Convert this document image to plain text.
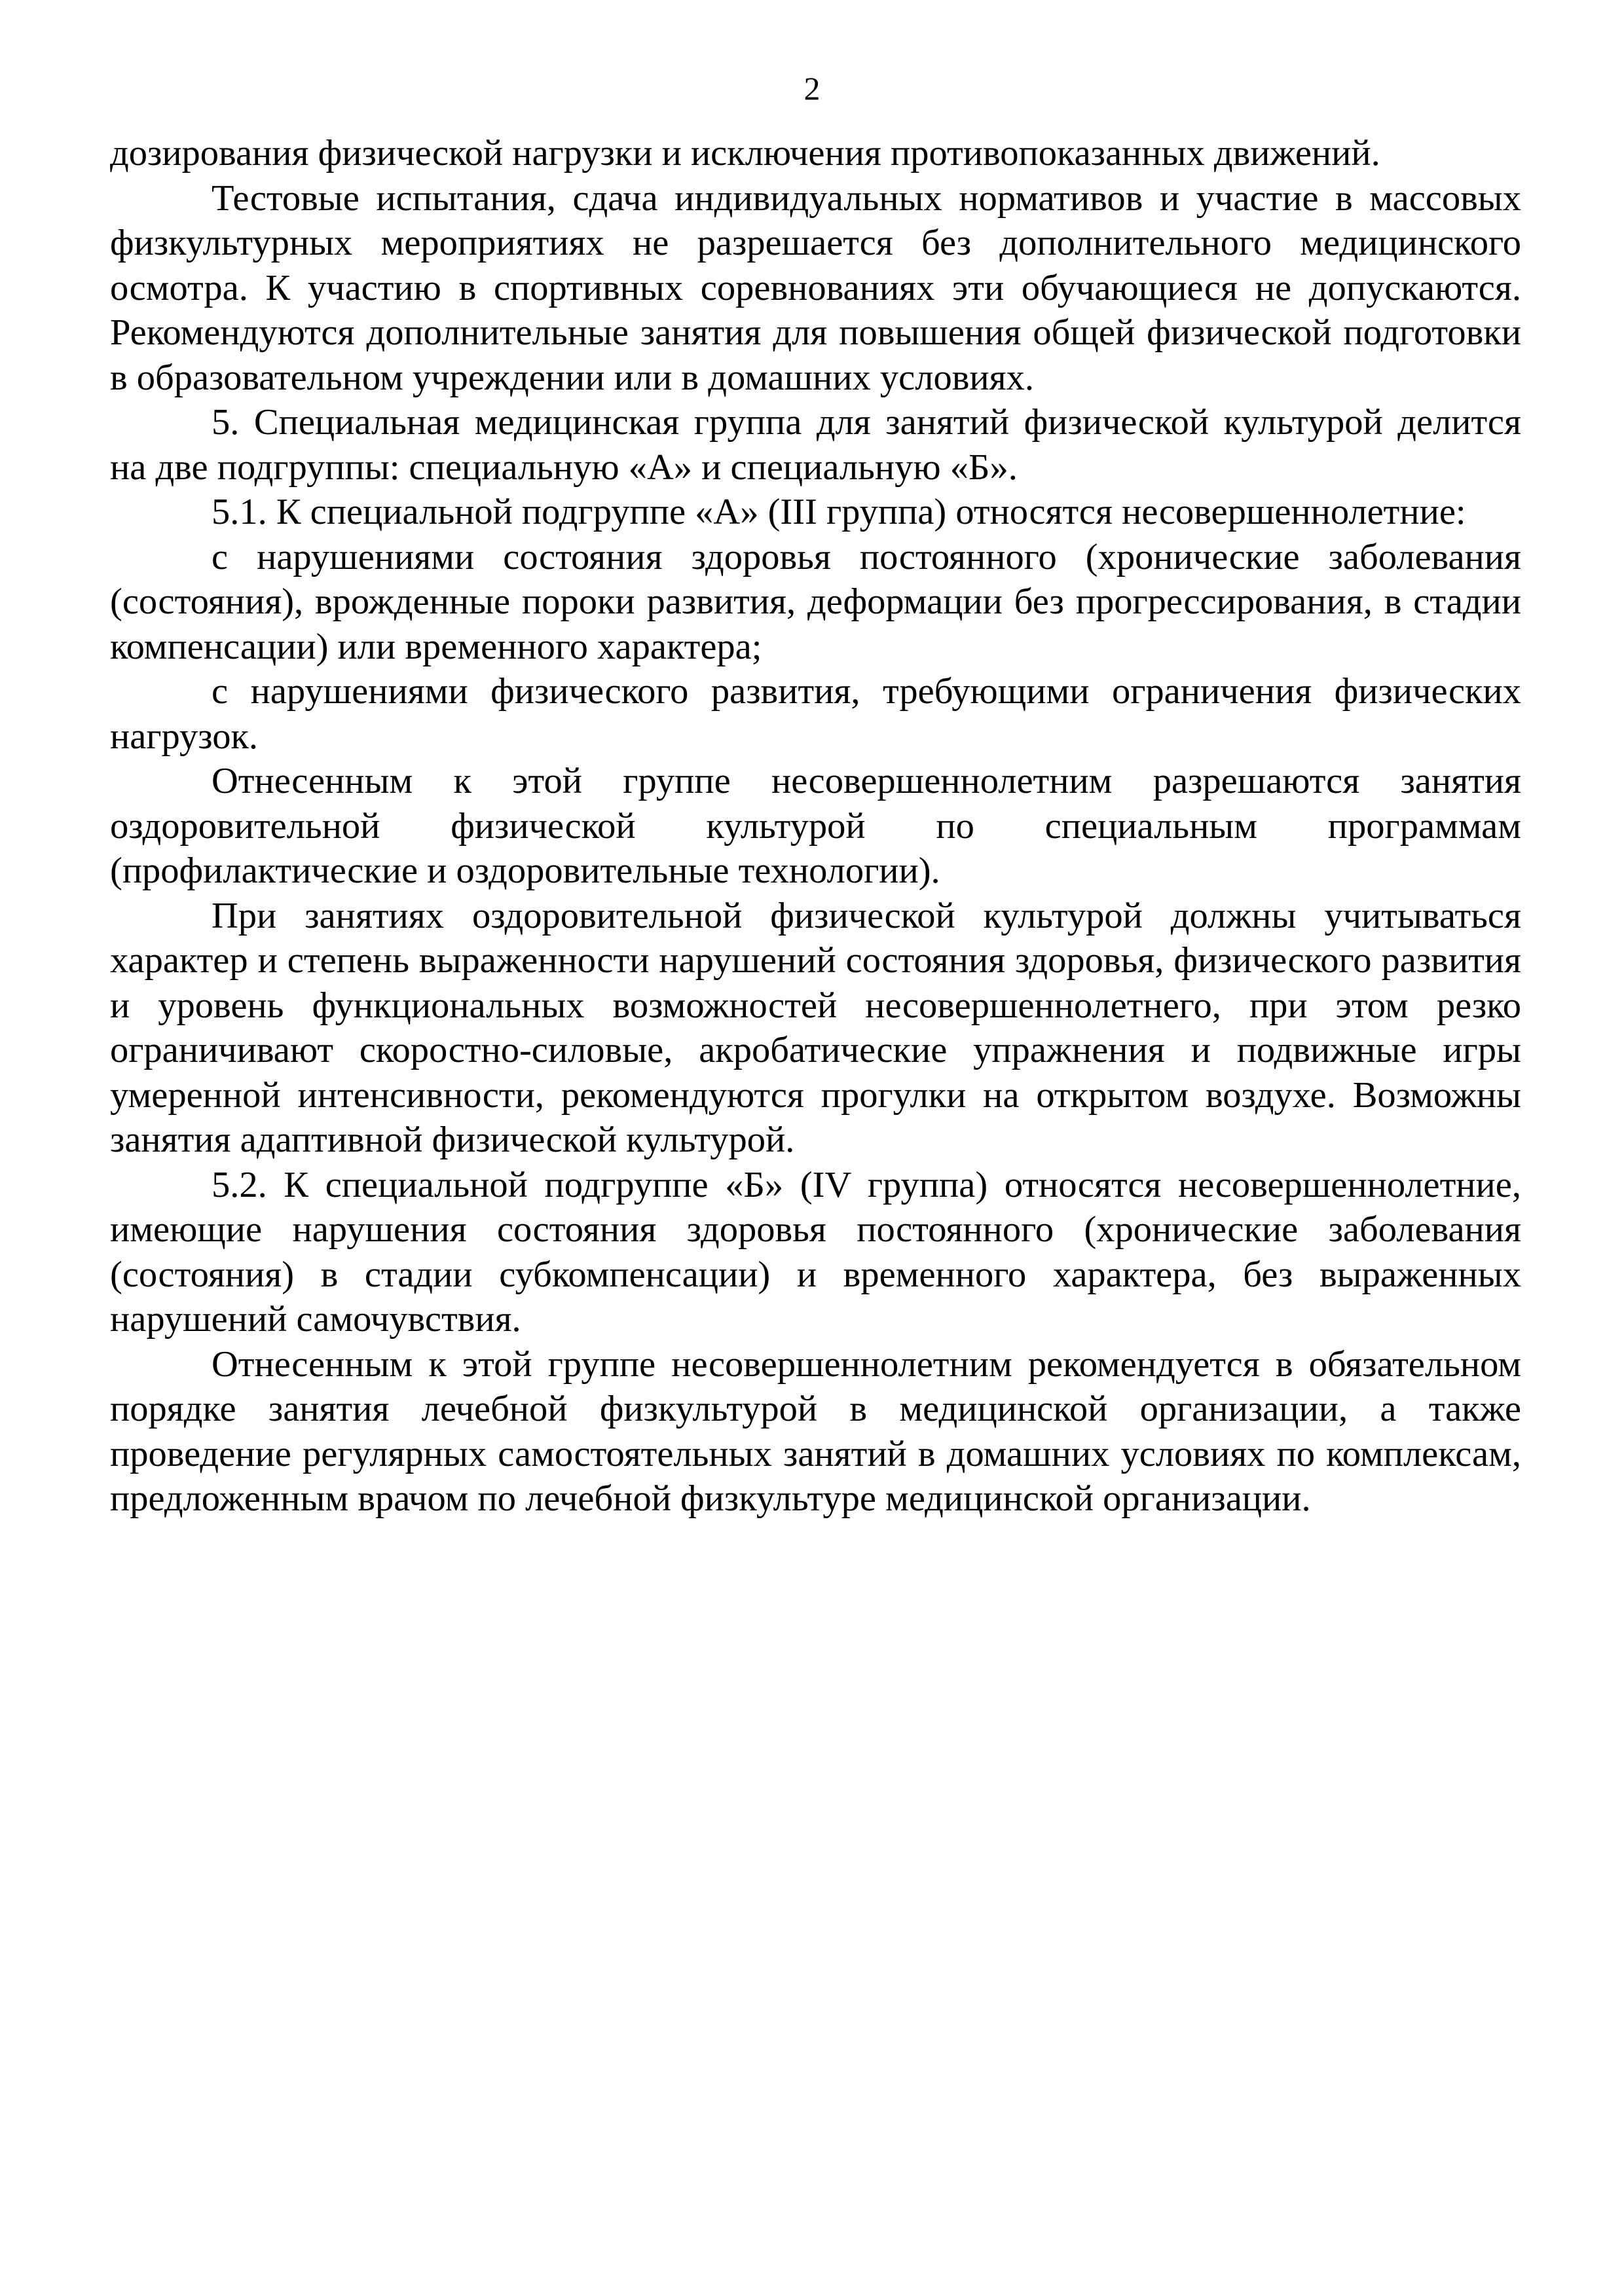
2

дозирования физической нагрузки и исключения противопоказанных движений.

Тестовые испытания, сдача индивидуальных нормативов и участие в массовых физкультурных мероприятиях не разрешается без дополнительного медицинского осмотра. К участию в спортивных соревнованиях эти обучающиеся не допускаются. Рекомендуются дополнительные занятия для повышения общей физической подготовки в образовательном учреждении или в домашних условиях.

5. Специальная медицинская группа для занятий физической культурой делится на две подгруппы: специальную «А» и специальную «Б».

5.1. К специальной подгруппе «А» (III группа) относятся несовершеннолетние:

с нарушениями состояния здоровья постоянного (хронические заболевания (состояния), врожденные пороки развития, деформации без прогрессирования, в стадии компенсации) или временного характера;

с нарушениями физического развития, требующими ограничения физических нагрузок.

Отнесенным к этой группе несовершеннолетним разрешаются занятия оздоровительной физической культурой по специальным программам (профилактические и оздоровительные технологии).

При занятиях оздоровительной физической культурой должны учитываться характер и степень выраженности нарушений состояния здоровья, физического развития и уровень функциональных возможностей несовершеннолетнего, при этом резко ограничивают скоростно-силовые, акробатические упражнения и подвижные игры умеренной интенсивности, рекомендуются прогулки на открытом воздухе. Возможны занятия адаптивной физической культурой.

5.2. К специальной подгруппе «Б» (IV группа) относятся несовершеннолетние, имеющие нарушения состояния здоровья постоянного (хронические заболевания (состояния) в стадии субкомпенсации) и временного характера, без выраженных нарушений самочувствия.

Отнесенным к этой группе несовершеннолетним рекомендуется в обязательном порядке занятия лечебной физкультурой в медицинской организации, а также проведение регулярных самостоятельных занятий в домашних условиях по комплексам, предложенным врачом по лечебной физкультуре медицинской организации.
